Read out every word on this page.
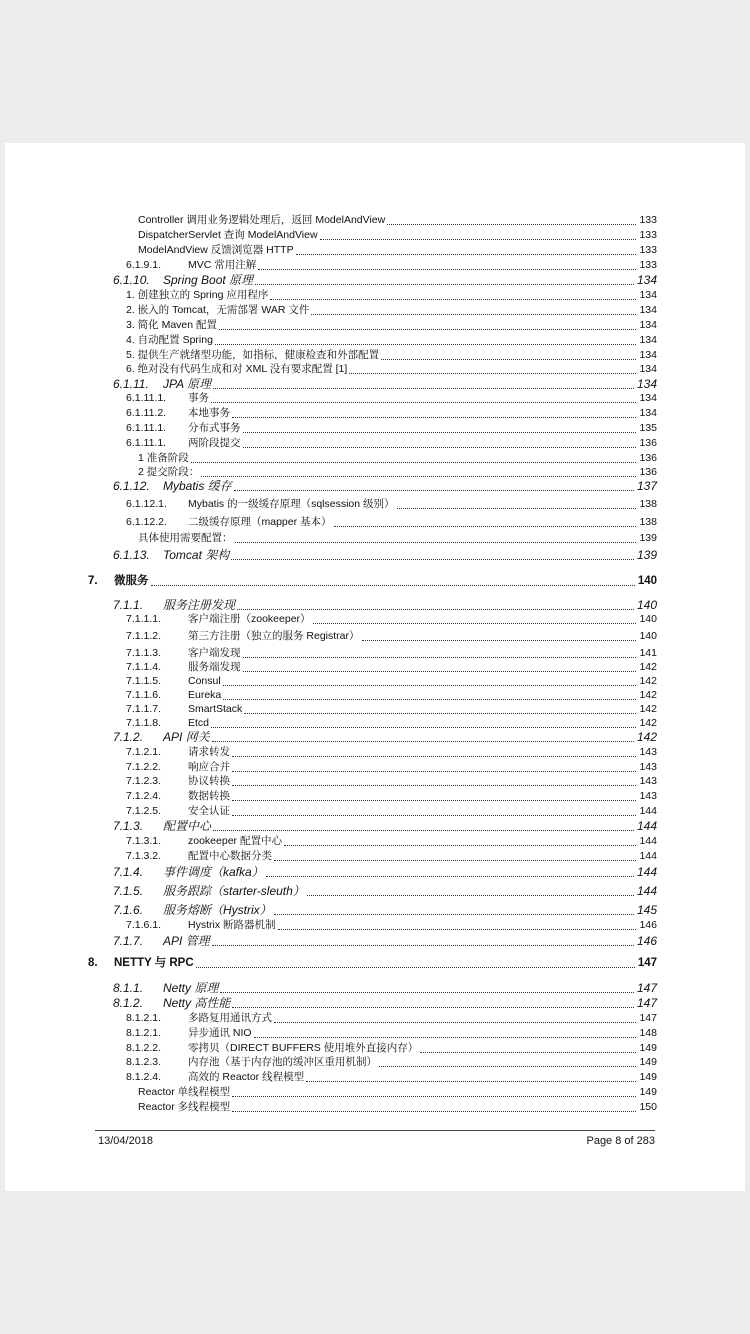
Controller 调用业务逻辑处理后，返回 ModelAndView	133
DispatcherServlet 查询 ModelAndView	133
ModelAndView 反馈浏览器 HTTP	133
6.1.9.1.	MVC 常用注解	133
6.1.10.	Spring Boot 原理	134
1. 创建独立的 Spring 应用程序	134
2. 嵌入的 Tomcat，无需部署 WAR 文件	134
3. 简化 Maven 配置	134
4. 自动配置 Spring	134
5. 提供生产就绪型功能，如指标，健康检查和外部配置	134
6. 绝对没有代码生成和对 XML 没有要求配置 [1]	134
6.1.11.	JPA 原理	134
6.1.11.1.	事务	134
6.1.11.2.	本地事务	134
6.1.11.1.	分布式事务	135
6.1.11.1.	两阶段提交	136
1 准备阶段	136
2 提交阶段：	136
6.1.12.	Mybatis 缓存	137
6.1.12.1.	Mybatis 的一级缓存原理（sqlsession 级别）	138
6.1.12.2.	二级缓存原理（mapper 基本）	138
具体使用需要配置：	139
6.1.13.	Tomcat 架构	139
7.	微服务	140
7.1.1.	服务注册发现	140
7.1.1.1.	客户端注册（zookeeper）	140
7.1.1.2.	第三方注册（独立的服务 Registrar）	140
7.1.1.3.	客户端发现	141
7.1.1.4.	服务端发现	142
7.1.1.5.	Consul	142
7.1.1.6.	Eureka	142
7.1.1.7.	SmartStack	142
7.1.1.8.	Etcd	142
7.1.2.	API 网关	142
7.1.2.1.	请求转发	143
7.1.2.2.	响应合并	143
7.1.2.3.	协议转换	143
7.1.2.4.	数据转换	143
7.1.2.5.	安全认证	144
7.1.3.	配置中心	144
7.1.3.1.	zookeeper 配置中心	144
7.1.3.2.	配置中心数据分类	144
7.1.4.	事件调度（kafka）	144
7.1.5.	服务跟踪（starter-sleuth）	144
7.1.6.	服务熔断（Hystrix）	145
7.1.6.1.	Hystrix 断路器机制	146
7.1.7.	API 管理	146
8.	NETTY 与 RPC	147
8.1.1.	Netty 原理	147
8.1.2.	Netty 高性能	147
8.1.2.1.	多路复用通讯方式	147
8.1.2.1.	异步通讯 NIO	148
8.1.2.2.	零拷贝（DIRECT BUFFERS 使用堆外直接内存）	149
8.1.2.3.	内存池（基于内存池的缓冲区重用机制）	149
8.1.2.4.	高效的 Reactor 线程模型	149
Reactor 单线程模型	149
Reactor 多线程模型	150
13/04/2018	Page 8 of 283
